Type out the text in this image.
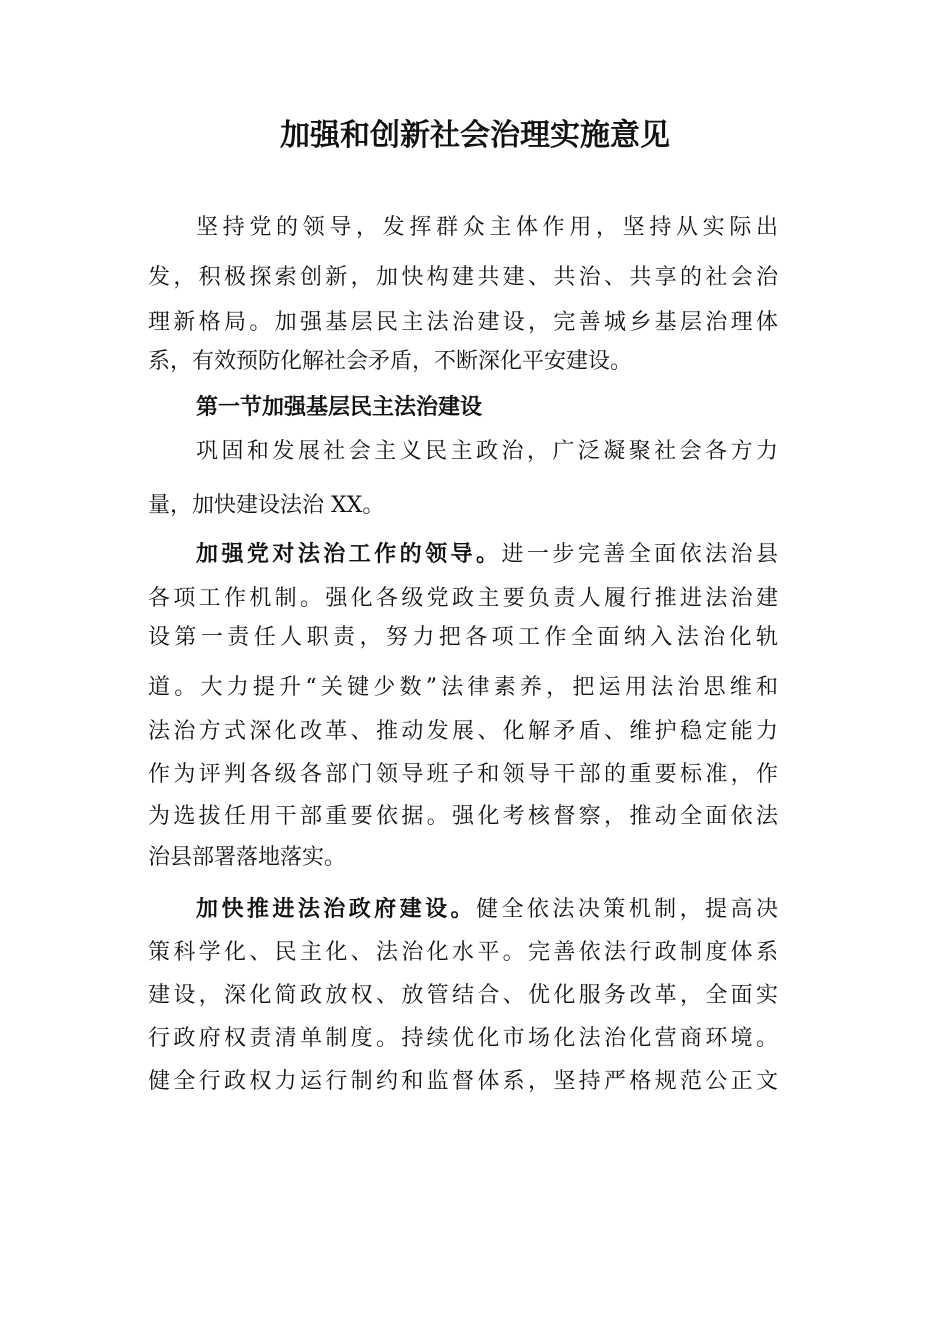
加强和创新社会治理实施意见

坚持党的领导，发挥群众主体作用，坚持从实际出

发，积极探索创新，加快构建共建、共治、共享的社会治

理新格局。加强基层民主法治建设，完善城乡基层治理体

系，有效预防化解社会矛盾，不断深化平安建设。

第一节加强基层民主法治建设

巩固和发展社会主义民主政治，广泛凝聚社会各方力

量，加快建设法治 XX。

加强党对法治工作的领导。进一步完善全面依法治县

各项工作机制。强化各级党政主要负责人履行推进法治建

设第一责任人职责，努力把各项工作全面纳入法治化轨

道。大力提升“关键少数”法律素养，把运用法治思维和

法治方式深化改革、推动发展、化解矛盾、维护稳定能力

作为评判各级各部门领导班子和领导干部的重要标准，作

为选拔任用干部重要依据。强化考核督察，推动全面依法

治县部署落地落实。

加快推进法治政府建设。健全依法决策机制，提高决

策科学化、民主化、法治化水平。完善依法行政制度体系

建设，深化简政放权、放管结合、优化服务改革，全面实

行政府权责清单制度。持续优化市场化法治化营商环境。

健全行政权力运行制约和监督体系，坚持严格规范公正文
